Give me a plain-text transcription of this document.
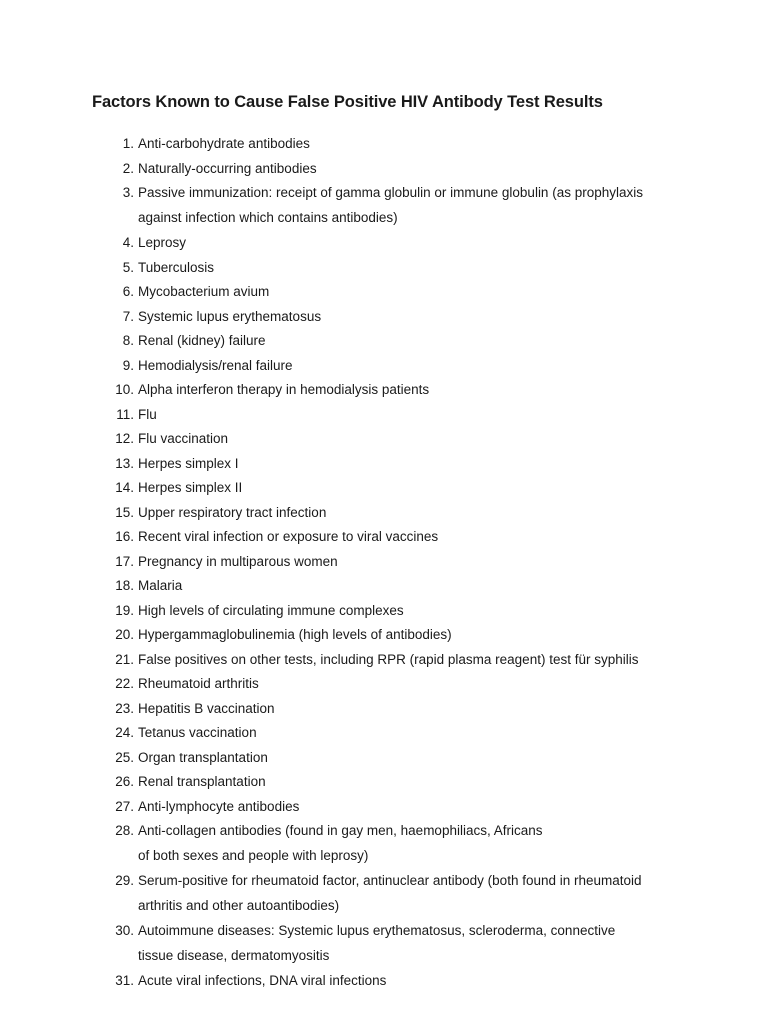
Factors Known to Cause False Positive HIV Antibody Test Results
1. Anti-carbohydrate antibodies
2. Naturally-occurring antibodies
3. Passive immunization: receipt of gamma globulin or immune globulin (as prophylaxis
against infection which contains antibodies)
4. Leprosy
5. Tuberculosis
6. Mycobacterium avium
7. Systemic lupus erythematosus
8. Renal (kidney) failure
9. Hemodialysis/renal failure
10. Alpha interferon therapy in hemodialysis patients
11. Flu
12. Flu vaccination
13. Herpes simplex I
14. Herpes simplex II
15. Upper respiratory tract infection
16. Recent viral infection or exposure to viral vaccines
17. Pregnancy in multiparous women
18. Malaria
19. High levels of circulating immune complexes
20. Hypergammaglobulinemia (high levels of antibodies)
21. False positives on other tests, including RPR (rapid plasma reagent) test für syphilis
22. Rheumatoid arthritis
23. Hepatitis B vaccination
24. Tetanus vaccination
25. Organ transplantation
26. Renal transplantation
27. Anti-lymphocyte antibodies
28. Anti-collagen antibodies (found in gay men, haemophiliacs, Africans
of both sexes and people with leprosy)
29. Serum-positive for rheumatoid factor, antinuclear antibody (both found in rheumatoid
arthritis and other autoantibodies)
30. Autoimmune diseases: Systemic lupus erythematosus, scleroderma, connective
tissue disease, dermatomyositis
31. Acute viral infections, DNA viral infections
